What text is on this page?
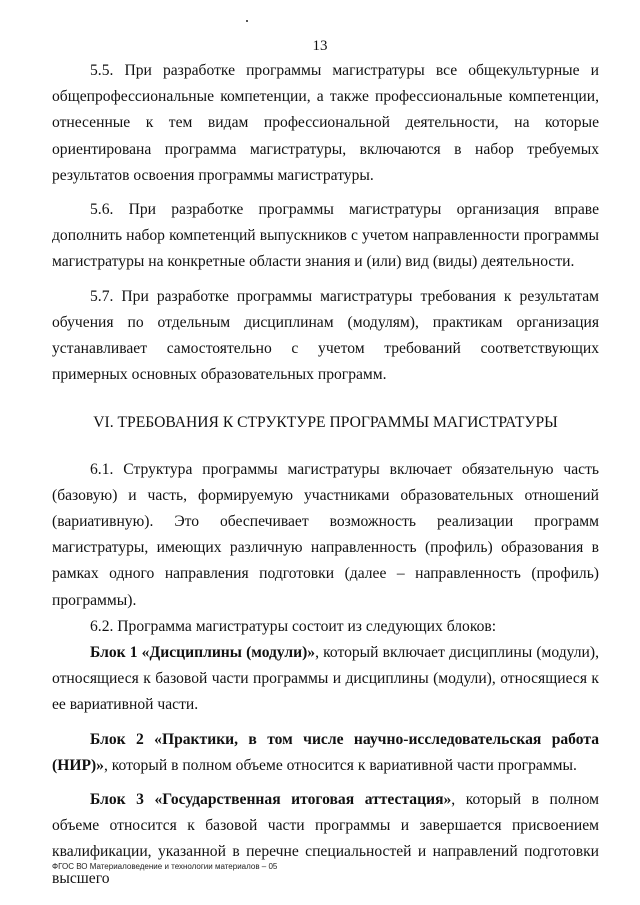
13

5.5. При разработке программы магистратуры все общекультурные и общепрофессиональные компетенции, а также профессиональные компетенции, отнесенные к тем видам профессиональной деятельности, на которые ориентирована программа магистратуры, включаются в набор требуемых результатов освоения программы магистратуры.

5.6. При разработке программы магистратуры организация вправе дополнить набор компетенций выпускников с учетом направленности программы магистратуры на конкретные области знания и (или) вид (виды) деятельности.

5.7. При разработке программы магистратуры требования к результатам обучения по отдельным дисциплинам (модулям), практикам организация устанавливает самостоятельно с учетом требований соответствующих примерных основных образовательных программ.

VI. ТРЕБОВАНИЯ К СТРУКТУРЕ ПРОГРАММЫ МАГИСТРАТУРЫ

6.1. Структура программы магистратуры включает обязательную часть (базовую) и часть, формируемую участниками образовательных отношений (вариативную). Это обеспечивает возможность реализации программ магистратуры, имеющих различную направленность (профиль) образования в рамках одного направления подготовки (далее – направленность (профиль) программы).

6.2. Программа магистратуры состоит из следующих блоков:

Блок 1 «Дисциплины (модули)», который включает дисциплины (модули), относящиеся к базовой части программы и дисциплины (модули), относящиеся к ее вариативной части.

Блок 2 «Практики, в том числе научно-исследовательская работа (НИР)», который в полном объеме относится к вариативной части программы.

Блок 3 «Государственная итоговая аттестация», который в полном объеме относится к базовой части программы и завершается присвоением квалификации, указанной в перечне специальностей и направлений подготовки высшего

ФГОС ВО Материаловедение и технологии материалов – 05
